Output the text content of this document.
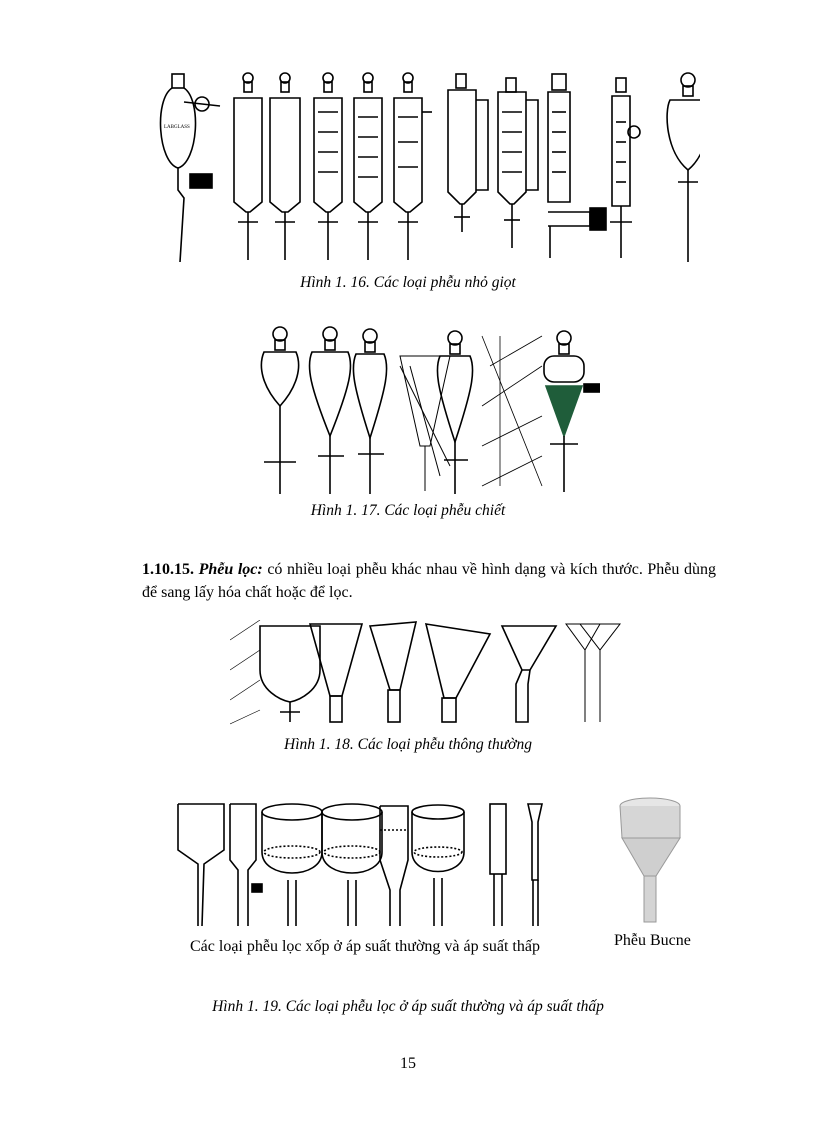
LABGLASS
Hình 1. 16. Các loại phễu nhỏ giọt
Hình 1. 17. Các loại phễu chiết
1.10.15. Phễu lọc: có nhiều loại phễu khác nhau về hình dạng và kích thước. Phễu dùng để sang lấy hóa chất hoặc để lọc.
Hình 1. 18. Các loại phễu thông thường
Các loại phễu lọc xốp ở áp suất thường và áp suất thấp	Phễu Bucne
Hình 1. 19. Các loại phễu lọc ở áp suất thường và áp suất thấp
15
